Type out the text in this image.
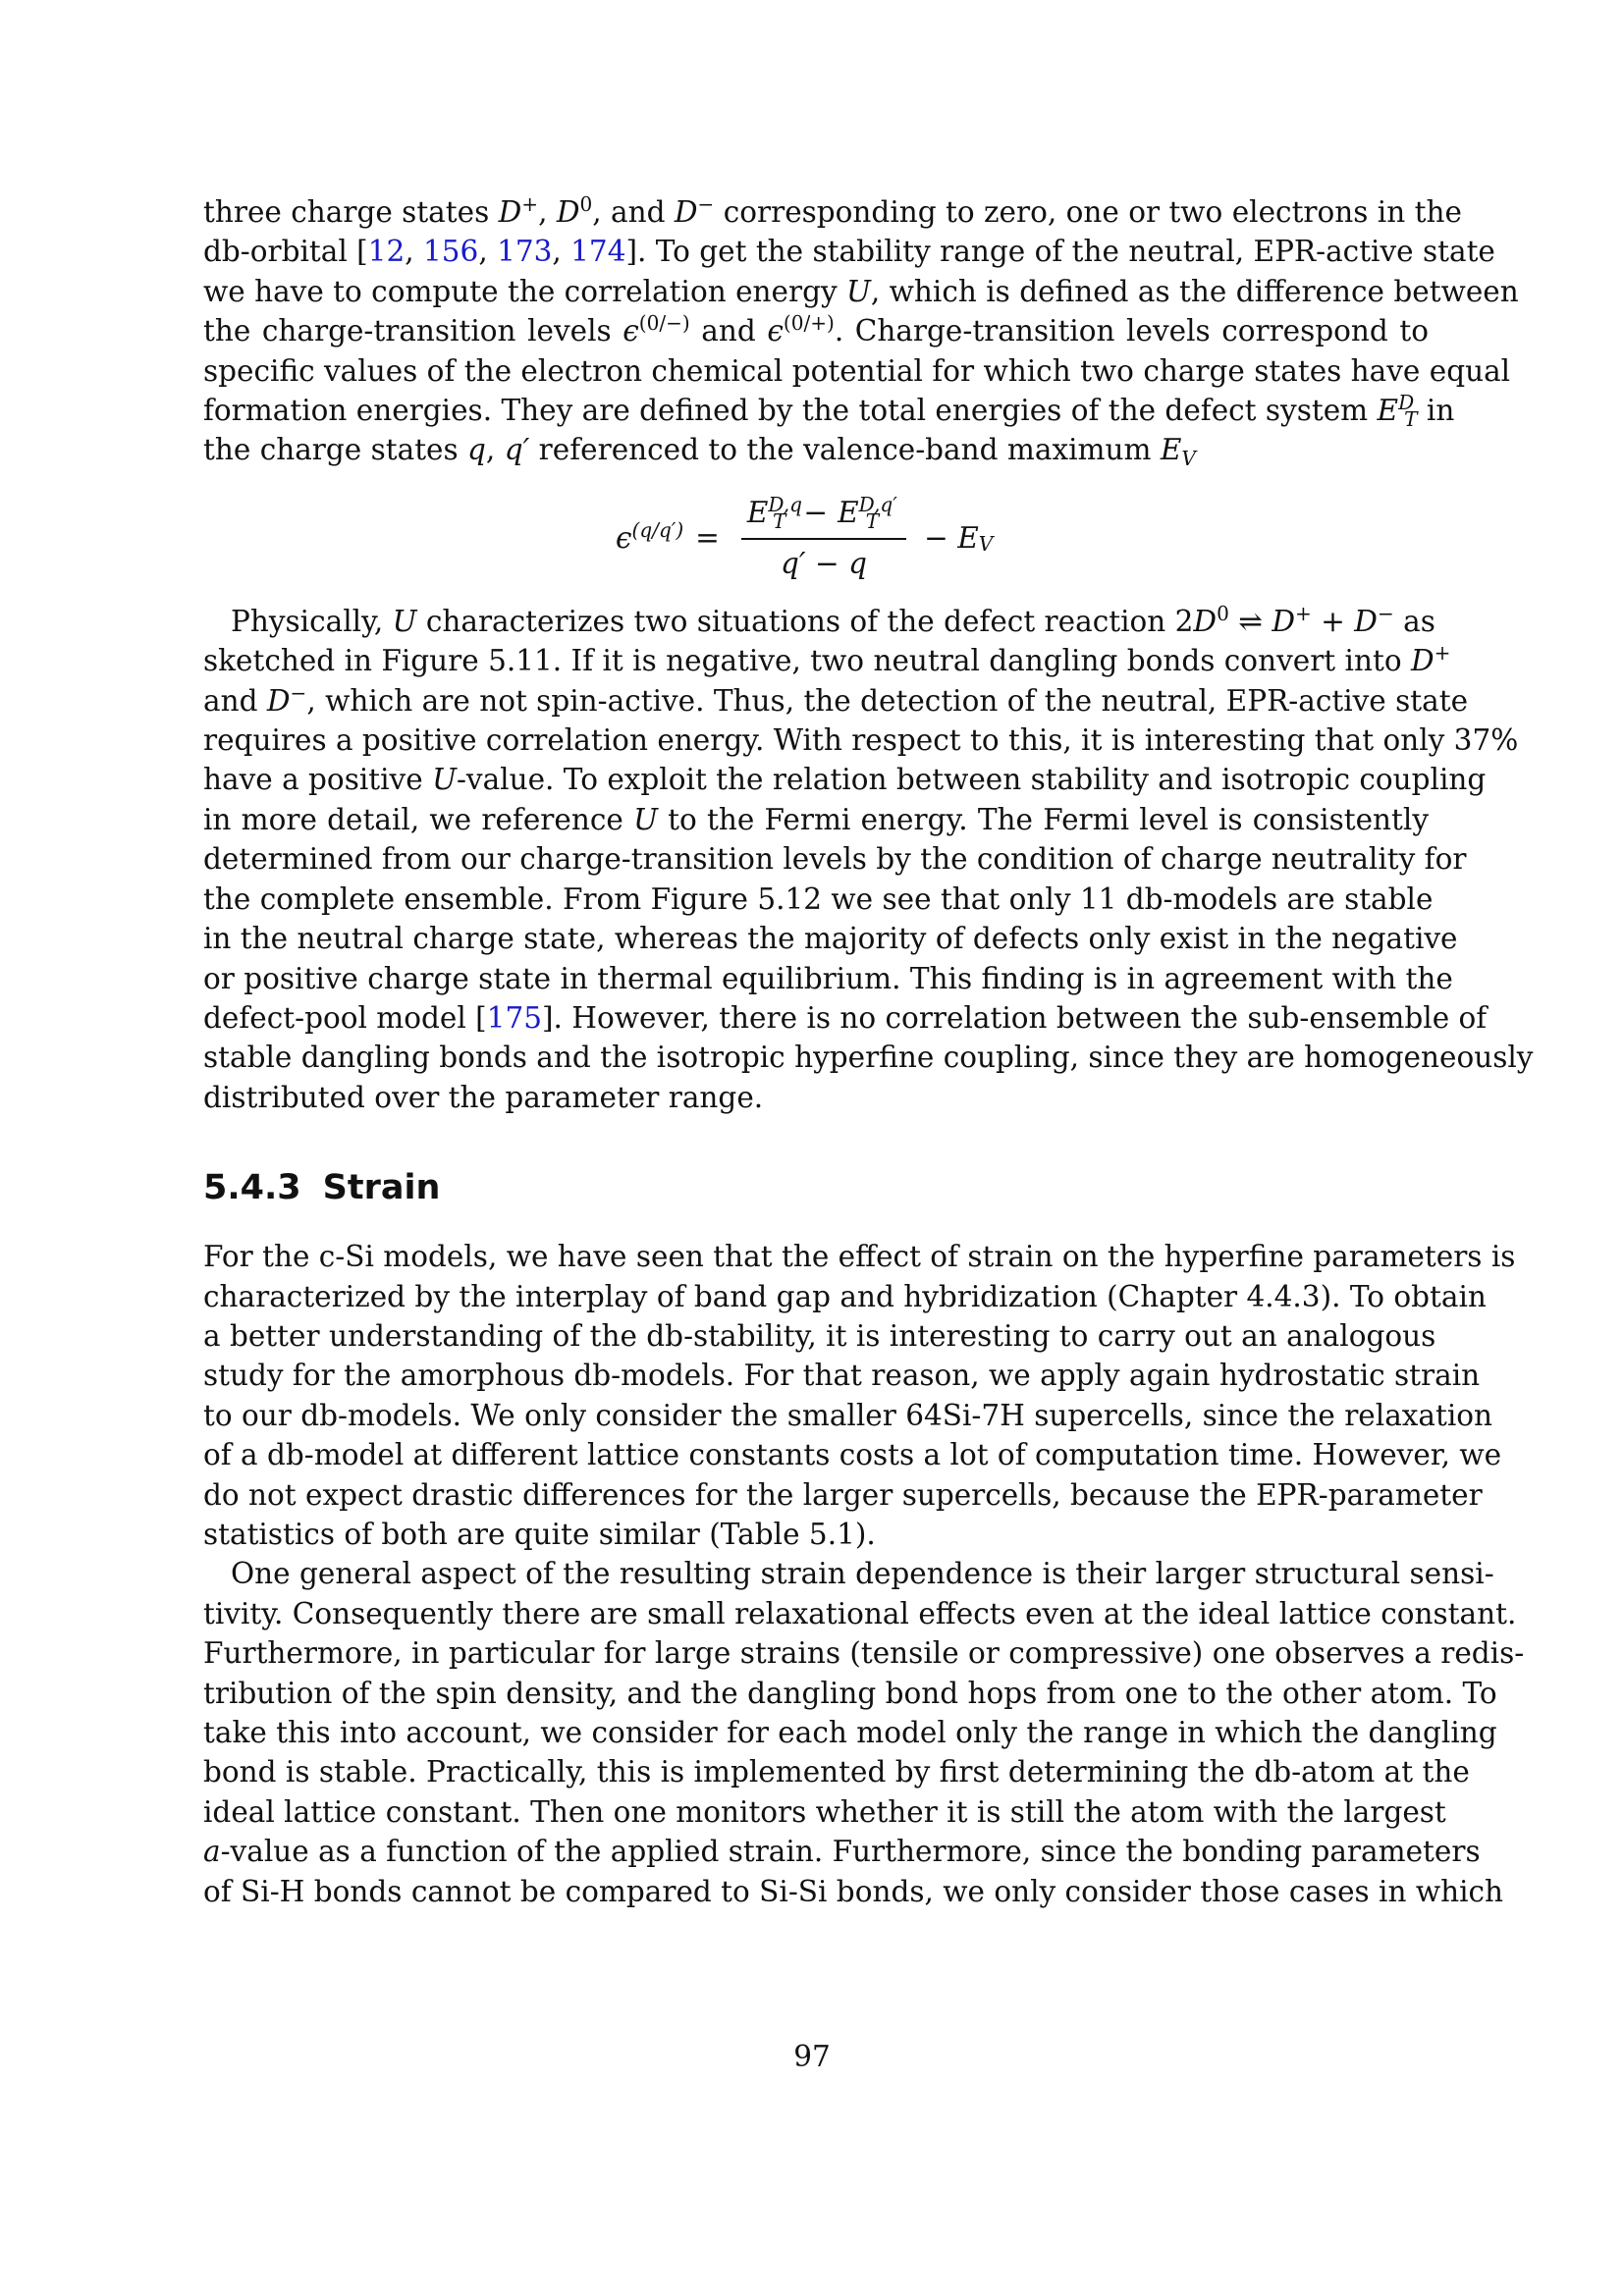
three charge states D+, $D^0$, and D− corresponding to zero, one or two electrons in the
db-orbital [12, 156, 173, 174]. To get the stability range of the neutral, EPR-active state
we have to compute the correlation energy U, which is defined as the difference between
the charge-transition levels $\epsilon^{(0/-)}$ and $\epsilon^{(0/+)}$. Charge-transition levels correspond to
specific values of the electron chemical potential for which two charge states have equal
formation energies. They are defined by the total energies of the defect system $E^D_T$ in
the charge states q, q′ referenced to the valence-band maximum $E_V$
$\epsilon^{(q/q')} = \frac{E^{D,q}_T - E^{D,q'}_T}{q' - q} - E_V$
Physically, U characterizes two situations of the defect reaction $2D^0$ ⇌ D+ + D− as
sketched in Figure 5.11. If it is negative, two neutral dangling bonds convert into D+
and D−, which are not spin-active. Thus, the detection of the neutral, EPR-active state
requires a positive correlation energy. With respect to this, it is interesting that only 37%
have a positive U-value. To exploit the relation between stability and isotropic coupling
in more detail, we reference U to the Fermi energy. The Fermi level is consistently
determined from our charge-transition levels by the condition of charge neutrality for
the complete ensemble. From Figure 5.12 we see that only 11 db-models are stable
in the neutral charge state, whereas the majority of defects only exist in the negative
or positive charge state in thermal equilibrium. This finding is in agreement with the
defect-pool model [175]. However, there is no correlation between the sub-ensemble of
stable dangling bonds and the isotropic hyperfine coupling, since they are homogeneously
distributed over the parameter range.
5.4.3 Strain
For the c-Si models, we have seen that the effect of strain on the hyperfine parameters is
characterized by the interplay of band gap and hybridization (Chapter 4.4.3). To obtain
a better understanding of the db-stability, it is interesting to carry out an analogous
study for the amorphous db-models. For that reason, we apply again hydrostatic strain
to our db-models. We only consider the smaller 64Si-7H supercells, since the relaxation
of a db-model at different lattice constants costs a lot of computation time. However, we
do not expect drastic differences for the larger supercells, because the EPR-parameter
statistics of both are quite similar (Table 5.1).
One general aspect of the resulting strain dependence is their larger structural sensi-
tivity. Consequently there are small relaxational effects even at the ideal lattice constant.
Furthermore, in particular for large strains (tensile or compressive) one observes a redis-
tribution of the spin density, and the dangling bond hops from one to the other atom. To
take this into account, we consider for each model only the range in which the dangling
bond is stable. Practically, this is implemented by first determining the db-atom at the
ideal lattice constant. Then one monitors whether it is still the atom with the largest
a-value as a function of the applied strain. Furthermore, since the bonding parameters
of Si-H bonds cannot be compared to Si-Si bonds, we only consider those cases in which
97
